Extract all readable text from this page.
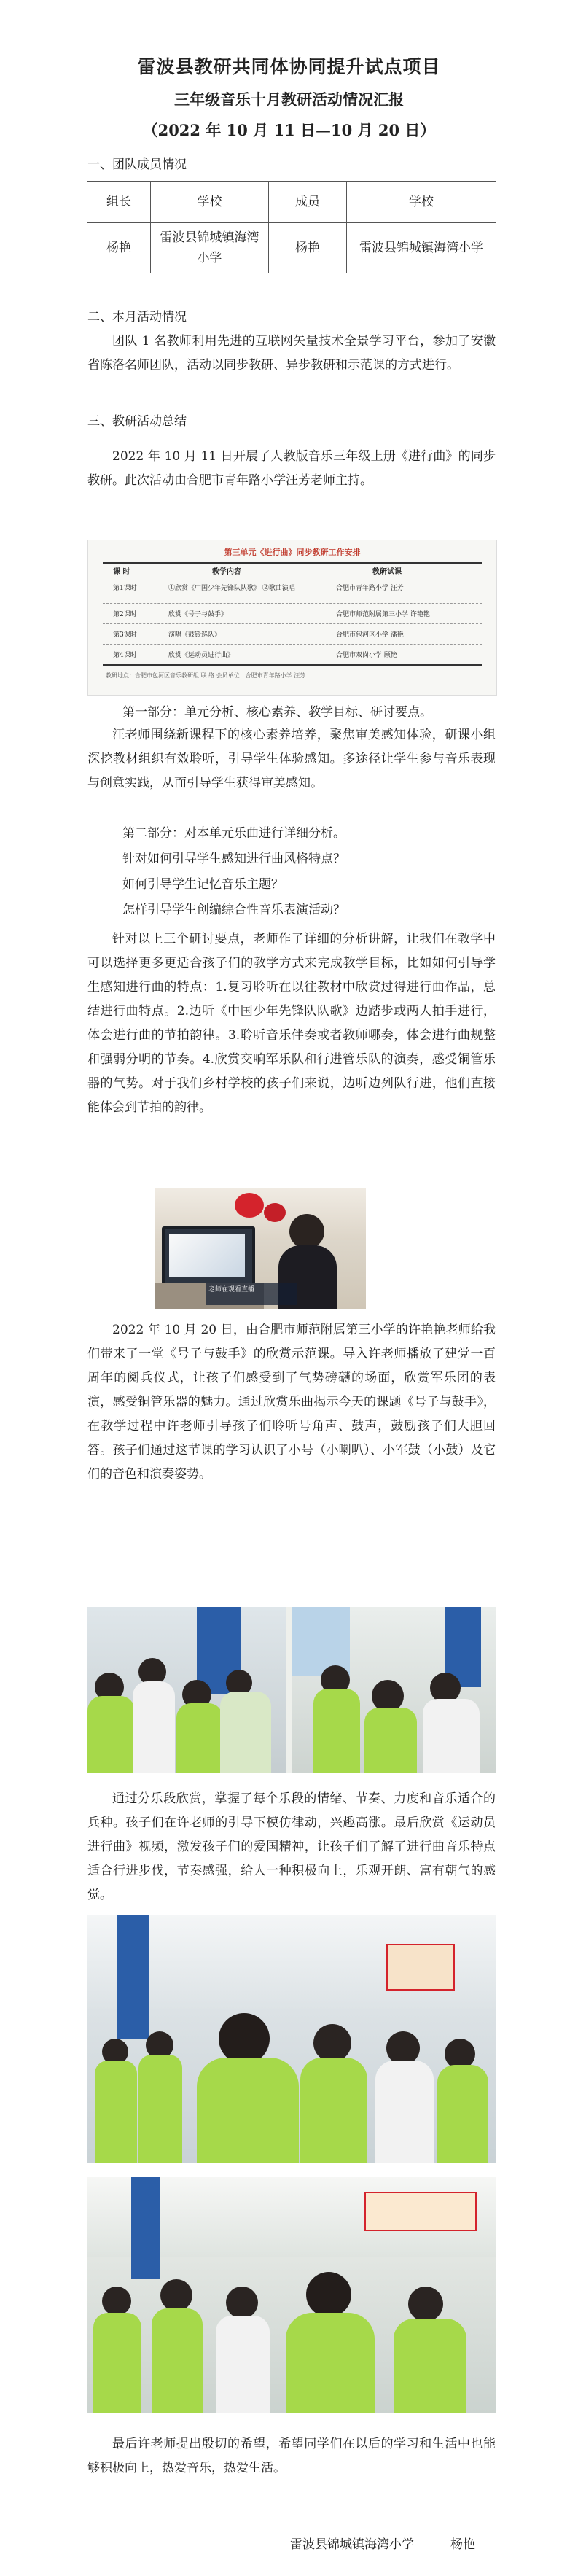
雷波县教研共同体协同提升试点项目
三年级音乐十月教研活动情况汇报
（2022 年 10 月 11 日—10 月 20 日）
一、团队成员情况
组长	学校	成员	学校
杨艳	雷波县锦城镇海湾小学	杨艳	雷波县锦城镇海湾小学
二、本月活动情况

团队 1 名教师利用先进的互联网矢量技术全景学习平台，参加了安徽省陈洛名师团队，活动以同步教研、异步教研和示范课的方式进行。

三、教研活动总结

2022 年 10 月 11 日开展了人教版音乐三年级上册《进行曲》的同步教研。此次活动由合肥市青年路小学汪芳老师主持。

第三单元《进行曲》同步教研工作安排
课 时	教学内容	教研试课
第1课时	①欣赏《中国少年先锋队队歌》 ②歌曲演唱	合肥市青年路小学 汪芳
第2课时	欣赏《号子与鼓手》	合肥市师范附属第三小学 许艳艳
第3课时	演唱《鼓铃巡队》	合肥市包河区小学 潘艳
第4课时	欣赏《运动员进行曲》	合肥市双岗小学 顾艳
教研地点：合肥市包河区音乐教研组 联 络 会员单位：合肥市青年路小学 汪芳
第一部分：单元分析、核心素养、教学目标、研讨要点。

汪老师围绕新课程下的核心素养培养，聚焦审美感知体验，研课小组深挖教材组织有效聆听，引导学生体验感知。多途径让学生参与音乐表现与创意实践，从而引导学生获得审美感知。

第二部分：对本单元乐曲进行详细分析。
针对如何引导学生感知进行曲风格特点？
如何引导学生记忆音乐主题？
怎样引导学生创编综合性音乐表演活动？

针对以上三个研讨要点，老师作了详细的分析讲解，让我们在教学中可以选择更多更适合孩子们的教学方式来完成教学目标，比如如何引导学生感知进行曲的特点：1.复习聆听在以往教材中欣赏过得进行曲作品，总结进行曲特点。2.边听《中国少年先锋队队歌》边踏步或两人拍手进行，体会进行曲的节拍韵律。3.聆听音乐伴奏或者教师哪奏，体会进行曲规整和强弱分明的节奏。4.欣赏交响军乐队和行进管乐队的演奏，感受铜管乐器的气势。对于我们乡村学校的孩子们来说，边听边列队行进，他们直接能体会到节拍的韵律。

老师在观看直播

2022 年 10 月 20 日，由合肥市师范附属第三小学的许艳艳老师给我们带来了一堂《号子与鼓手》的欣赏示范课。导入许老师播放了建党一百周年的阅兵仪式，让孩子们感受到了气势磅礴的场面，欣赏军乐团的表演，感受铜管乐器的魅力。通过欣赏乐曲揭示今天的课题《号子与鼓手》，在教学过程中许老师引导孩子们聆听号角声、鼓声，鼓励孩子们大胆回答。孩子们通过这节课的学习认识了小号（小喇叭）、小军鼓（小鼓）及它们的音色和演奏姿势。

通过分乐段欣赏，掌握了每个乐段的情绪、节奏、力度和音乐适合的兵种。孩子们在许老师的引导下模仿律动，兴趣高涨。最后欣赏《运动员进行曲》视频，激发孩子们的爱国精神，让孩子们了解了进行曲音乐特点适合行进步伐，节奏感强，给人一种积极向上，乐观开朗、富有朝气的感觉。

最后许老师提出殷切的希望，希望同学们在以后的学习和生活中也能够积极向上，热爱音乐，热爱生活。

雷波县锦城镇海湾小学	杨艳
